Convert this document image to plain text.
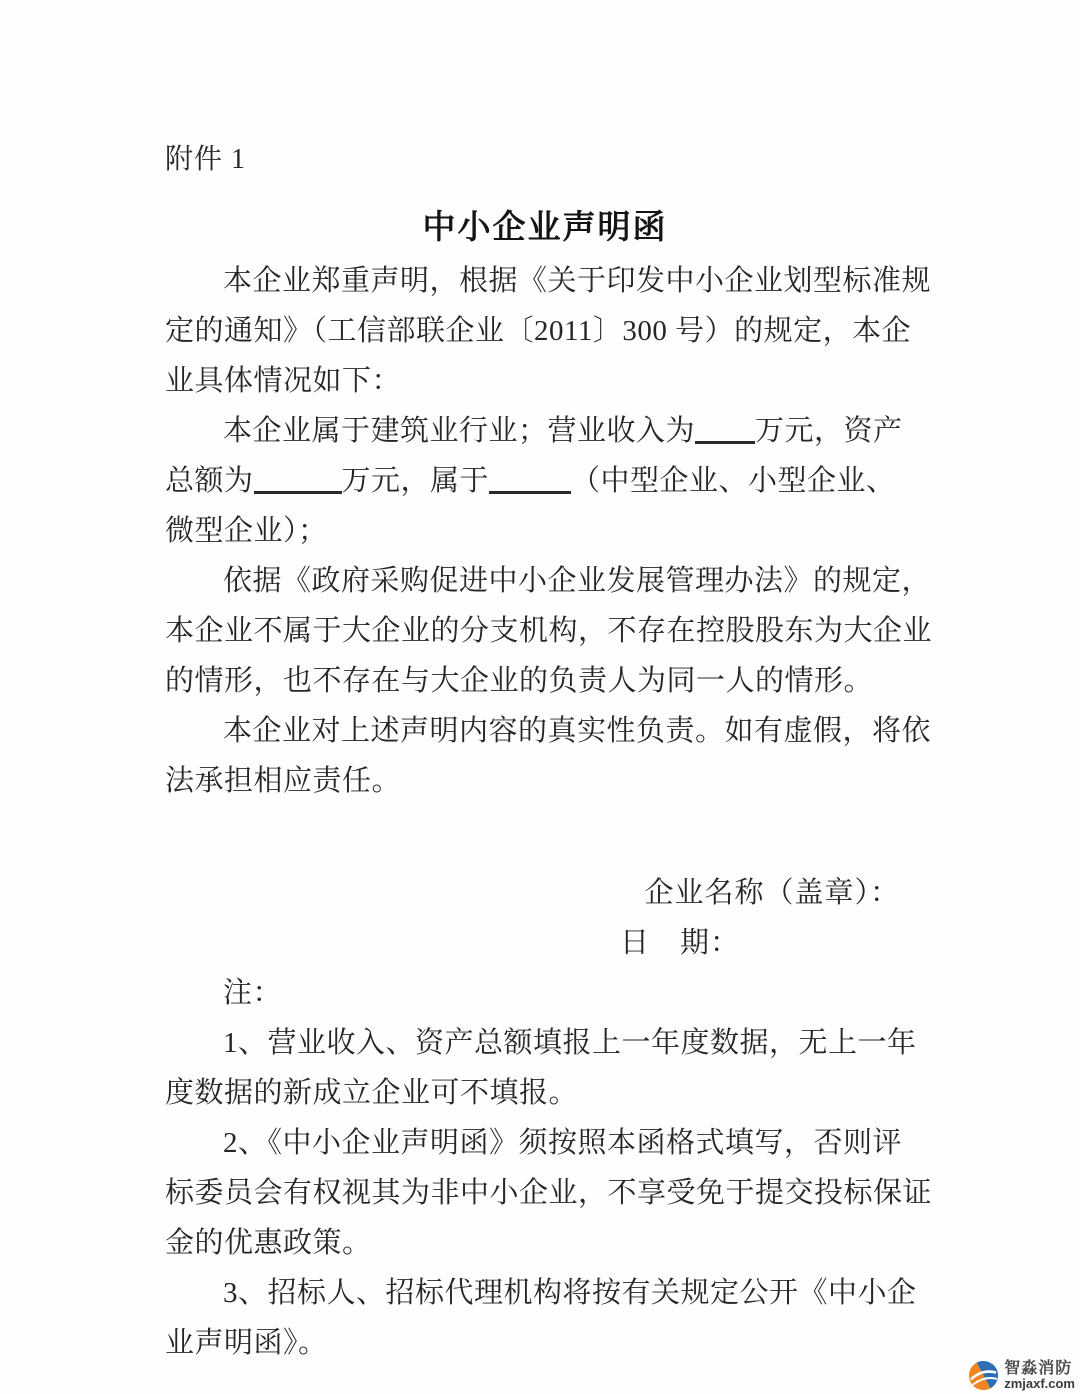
附件 1
中小企业声明函
本企业郑重声明，根据《关于印发中小企业划型标准规
定的通知》（工信部联企业〔2011〕300 号）的规定，本企
业具体情况如下：
本企业属于建筑业行业；营业收入为 万元，资产
总额为	万元，属于	（中型企业、小型企业、
微型企业）；
依据《政府采购促进中小企业发展管理办法》的规定，
本企业不属于大企业的分支机构，不存在控股股东为大企业
的情形，也不存在与大企业的负责人为同一人的情形。
本企业对上述声明内容的真实性负责。如有虚假，将依
法承担相应责任。
企业名称（盖章）：
日　期：
注：
1、营业收入、资产总额填报上一年度数据，无上一年
度数据的新成立企业可不填报。
2、《中小企业声明函》须按照本函格式填写，否则评
标委员会有权视其为非中小企业，不享受免于提交投标保证
金的优惠政策。
3、招标人、招标代理机构将按有关规定公开《中小企
业声明函》。
智淼消防
zmjaxf.com
